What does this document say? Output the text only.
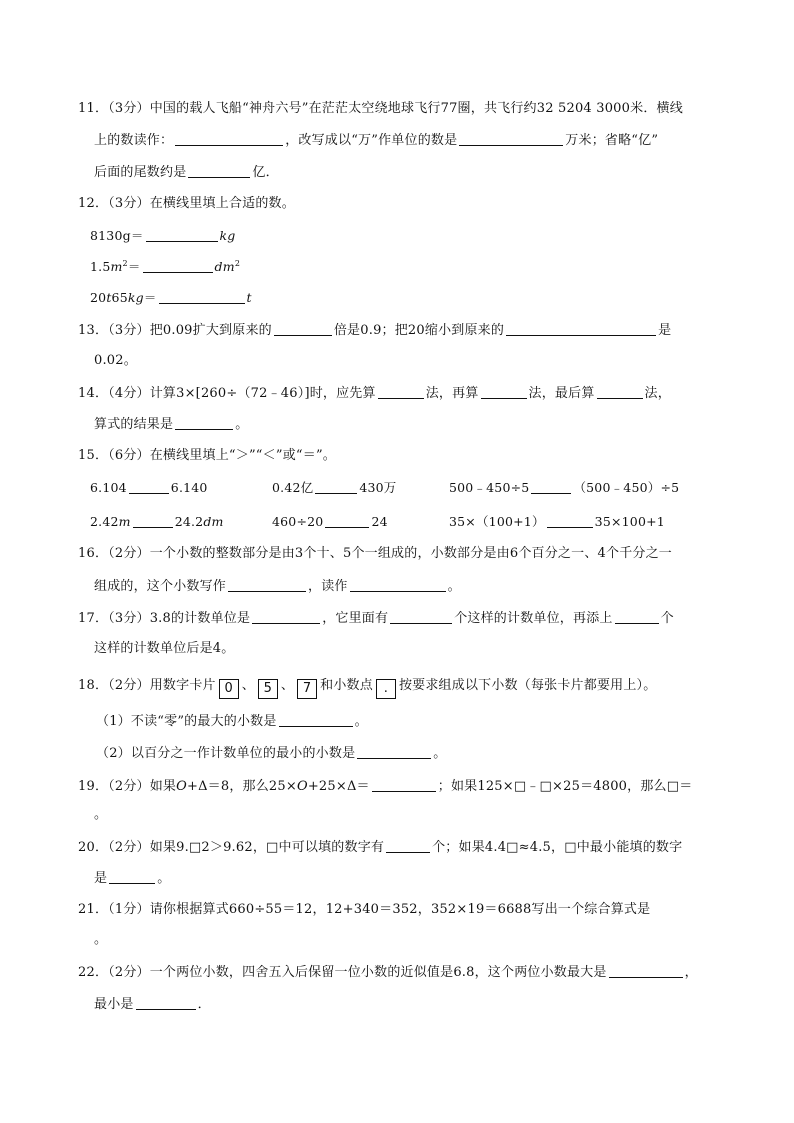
11．（3分）中国的载人飞船“神舟六号”在茫茫太空绕地球飞行77圈，共飞行约32 5204 3000米．横线
上的数读作：	，改写成以“万”作单位的数是	万米；省略“亿”
后面的尾数约是	亿．
12．（3分）在横线里填上合适的数。
8130g＝	kg
$1.5m^2=$	$dm^2$
20t65kg＝	t
13．（3分）把0.09扩大到原来的	倍是0.9；把20缩小到原来的	是
0.02。
14．（4分）计算3×[260÷（72﹣46）]时，应先算	法，再算	法，最后算	法，
算式的结果是	。
15．（6分）在横线里填上“＞”“＜”或“＝”。
6.104	6.140	0.42亿	430万	500﹣450÷5	（500﹣450）÷5
2.42m	24.2dm	460÷20	24	35×（100+1）	35×100+1
16．（2分）一个小数的整数部分是由3个十、5个一组成的，小数部分是由6个百分之一、4个千分之一
组成的，这个小数写作	，读作	。
17．（3分）3.8的计数单位是	，它里面有	个这样的计数单位，再添上	个
这样的计数单位后是4。
18．（2分）用数字卡片 0 、 5 、 7 和小数点 . 按要求组成以下小数（每张卡片都要用上）。
（1）不读“零”的最大的小数是	。
（2）以百分之一作计数单位的最小的小数是	。
19．（2分）如果O+Δ＝8，那么25×O+25×Δ＝	；如果125×□﹣□×25＝4800，那么□＝
。
20．（2分）如果9.□2＞9.62，□中可以填的数字有	个；如果4.4□≈4.5，□中最小能填的数字
是	。
21．（1分）请你根据算式660÷55＝12，12+340＝352，352×19＝6688写出一个综合算式是
。
22．（2分）一个两位小数，四舍五入后保留一位小数的近似值是6.8，这个两位小数最大是	，
最小是	．
